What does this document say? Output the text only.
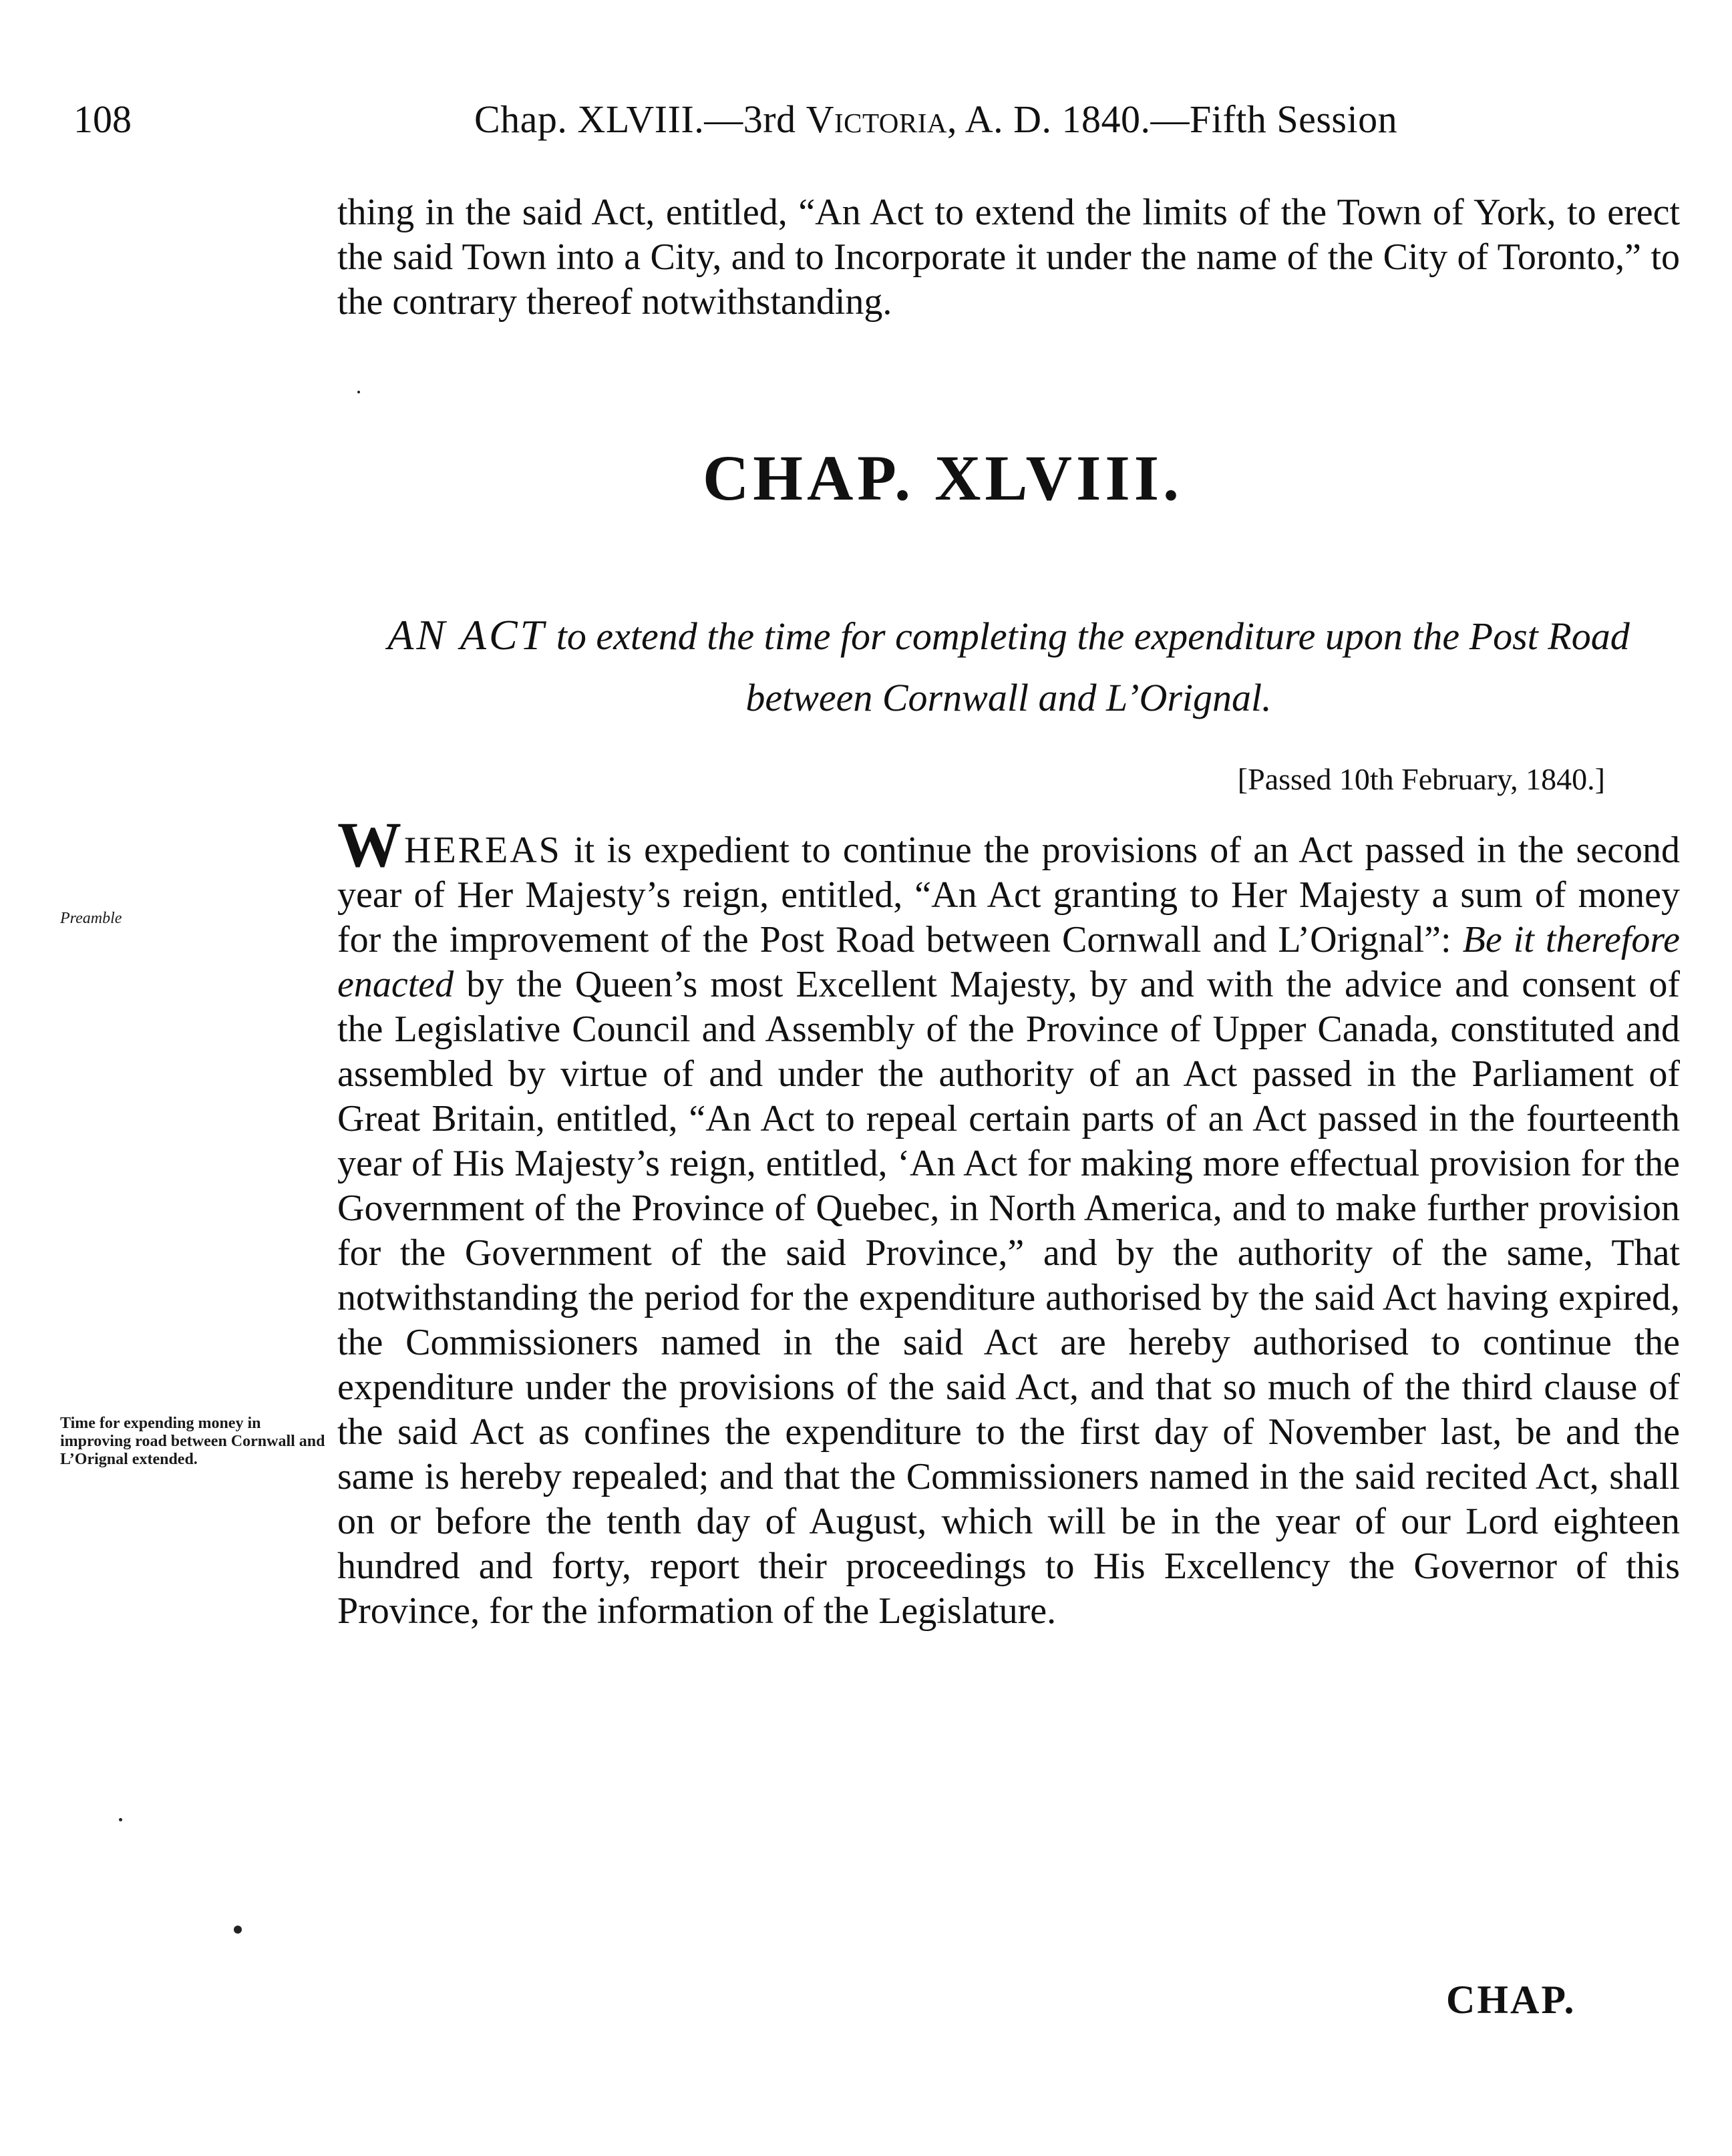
108	Chap. XLVIII.—3rd Victoria, A. D. 1840.—Fifth Session
thing in the said Act, entitled, “An Act to extend the limits of the Town of York, to erect the said Town into a City, and to Incorporate it under the name of the City of Toronto,” to the contrary thereof notwithstanding.
CHAP. XLVIII.
AN ACT to extend the time for completing the expenditure upon the Post Road between Cornwall and L’Orignal.
[Passed 10th February, 1840.]
Preamble
Time for expending money in improving road between Cornwall and L’Orignal extended.
WHEREAS it is expedient to continue the provisions of an Act passed in the second year of Her Majesty’s reign, entitled, “An Act granting to Her Majesty a sum of money for the improvement of the Post Road between Cornwall and L’Orignal”: Be it therefore enacted by the Queen’s most Excellent Majesty, by and with the advice and consent of the Legislative Council and Assembly of the Province of Upper Canada, constituted and assembled by virtue of and under the authority of an Act passed in the Parliament of Great Britain, entitled, “An Act to repeal certain parts of an Act passed in the fourteenth year of His Majesty’s reign, entitled, ‘An Act for making more effectual provision for the Government of the Province of Quebec, in North America, and to make further provision for the Government of the said Province,” and by the authority of the same, That notwithstanding the period for the expenditure authorised by the said Act having expired, the Commissioners named in the said Act are hereby authorised to continue the expenditure under the provisions of the said Act, and that so much of the third clause of the said Act as confines the expenditure to the first day of November last, be and the same is hereby repealed; and that the Commissioners named in the said recited Act, shall on or before the tenth day of August, which will be in the year of our Lord eighteen hundred and forty, report their proceedings to His Excellency the Governor of this Province, for the information of the Legislature.
CHAP.
